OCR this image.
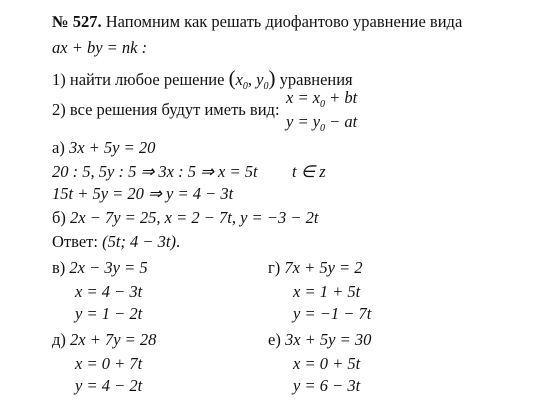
№ 527. Напомним как решать диофантово уравнение вида
ax + by = nk :
1) найти любое решение ($x_0$, $y_0$) уравнения
2) все решения будут иметь вид:
$x = x_0$ + bt
$y = y_0$ − at
а) 3x + 5y = 20
20 : 5, 5y : 5 ⇒ 3x : 5 ⇒ x = 5t t ∈ z
15t + 5y = 20 ⇒ y = 4 − 3t
б) 2x − 7y = 25, x = 2 − 7t, y = −3 − 2t
Ответ: (5t; 4 − 3t).
в) 2x − 3y = 5
x = 4 − 3t
y = 1 − 2t
г) 7x + 5y = 2
x = 1 + 5t
y = −1 − 7t
д) 2x + 7y = 28
x = 0 + 7t
y = 4 − 2t
е) 3x + 5y = 30
x = 0 + 5t
y = 6 − 3t
